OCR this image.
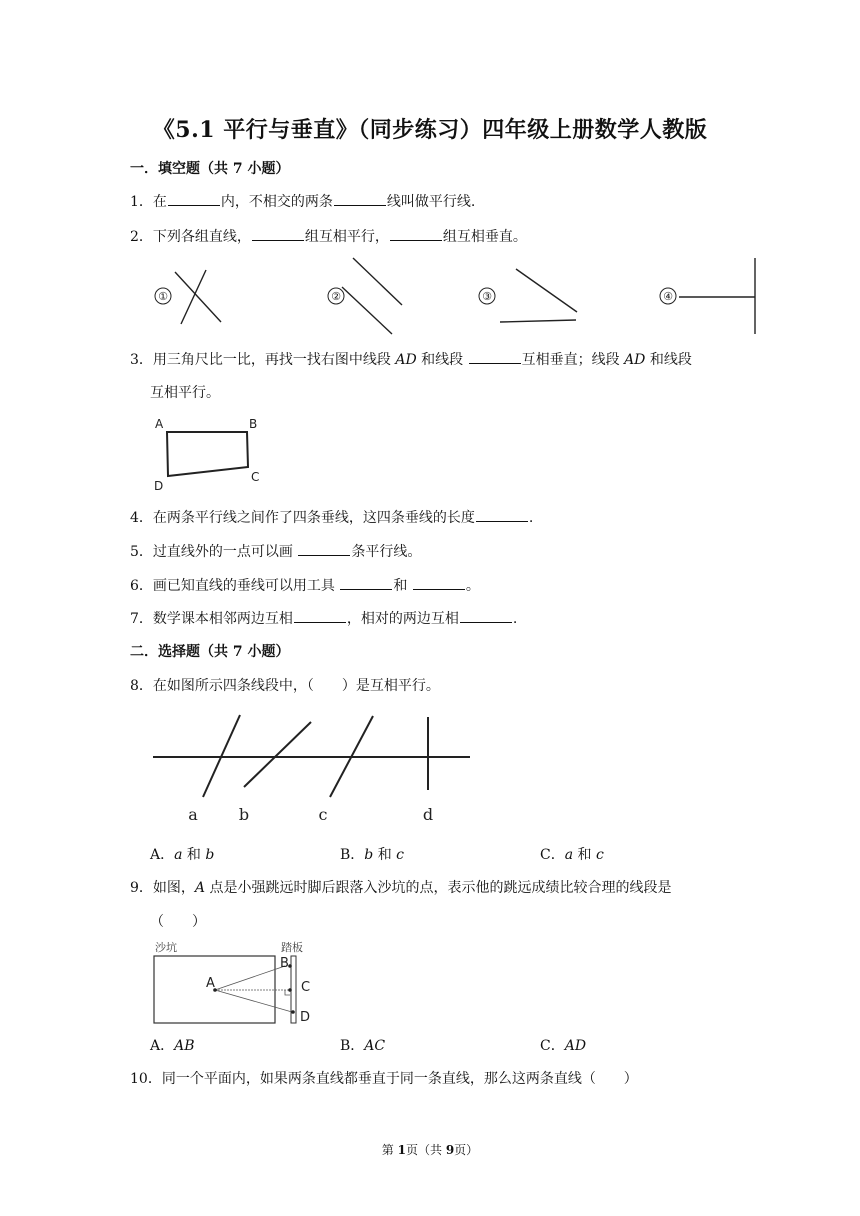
《5.1 平行与垂直》（同步练习）四年级上册数学人教版
一．填空题（共 7 小题）
1．在	内，不相交的两条	线叫做平行线.
2．下列各组直线，	组互相平行，	组互相垂直。
①	②	③	④
A	B
C
D
a	b	c	d
沙坑	踏板
A
B
C
D
3．用三角尺比一比，再找一找右图中线段 AD 和线段	互相垂直；线段 AD 和线段
互相平行。
4．在两条平行线之间作了四条垂线，这四条垂线的长度	.
5．过直线外的一点可以画	条平行线。
6．画已知直线的垂线可以用工具	和	。
7．数学课本相邻两边互相	，相对的两边互相	.
二．选择题（共 7 小题）
8．在如图所示四条线段中，（　　）是互相平行。
A．a 和 b	B．b 和 c	C．a 和 c
9．如图，A 点是小强跳远时脚后跟落入沙坑的点，表示他的跳远成绩比较合理的线段是
（　　）
A．AB	B．AC	C．AD
10．同一个平面内，如果两条直线都垂直于同一条直线，那么这两条直线（　　）
第 1页（共 9页）
